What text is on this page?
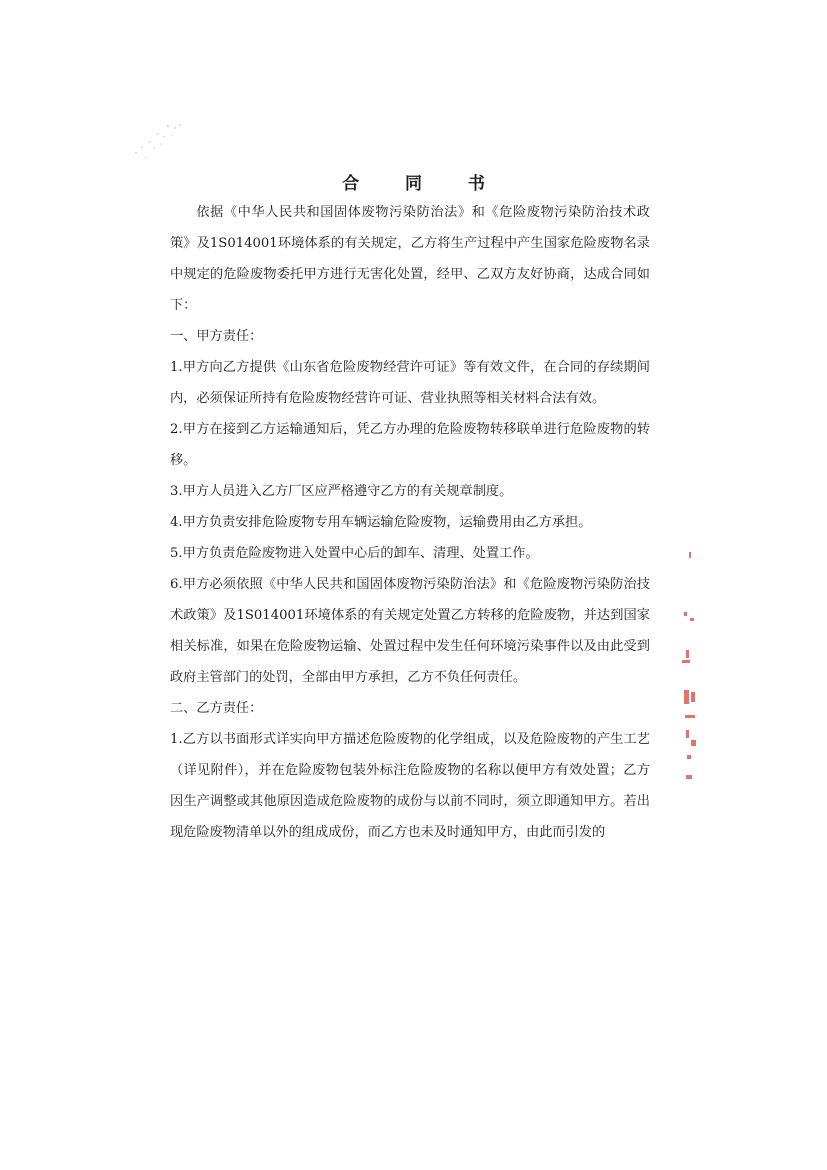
合 同 书

依据《中华人民共和国固体废物污染防治法》和《危险废物污染防治技术政策》及1S014001环境体系的有关规定，乙方将生产过程中产生国家危险废物名录中规定的危险废物委托甲方进行无害化处置，经甲、乙双方友好协商，达成合同如下：

一、甲方责任：

1.甲方向乙方提供《山东省危险废物经营许可证》等有效文件，在合同的存续期间内，必须保证所持有危险废物经营许可证、营业执照等相关材料合法有效。

2.甲方在接到乙方运输通知后，凭乙方办理的危险废物转移联单进行危险废物的转移。

3.甲方人员进入乙方厂区应严格遵守乙方的有关规章制度。

4.甲方负责安排危险废物专用车辆运输危险废物，运输费用由乙方承担。

5.甲方负责危险废物进入处置中心后的卸车、清理、处置工作。

6.甲方必须依照《中华人民共和国固体废物污染防治法》和《危险废物污染防治技术政策》及1S014001环境体系的有关规定处置乙方转移的危险废物，并达到国家相关标准，如果在危险废物运输、处置过程中发生任何环境污染事件以及由此受到政府主管部门的处罚，全部由甲方承担，乙方不负任何责任。

二、乙方责任：

1.乙方以书面形式详实向甲方描述危险废物的化学组成，以及危险废物的产生工艺（详见附件），并在危险废物包装外标注危险废物的名称以便甲方有效处置；乙方因生产调整或其他原因造成危险废物的成份与以前不同时，须立即通知甲方。若出现危险废物清单以外的组成成份，而乙方也未及时通知甲方，由此而引发的
